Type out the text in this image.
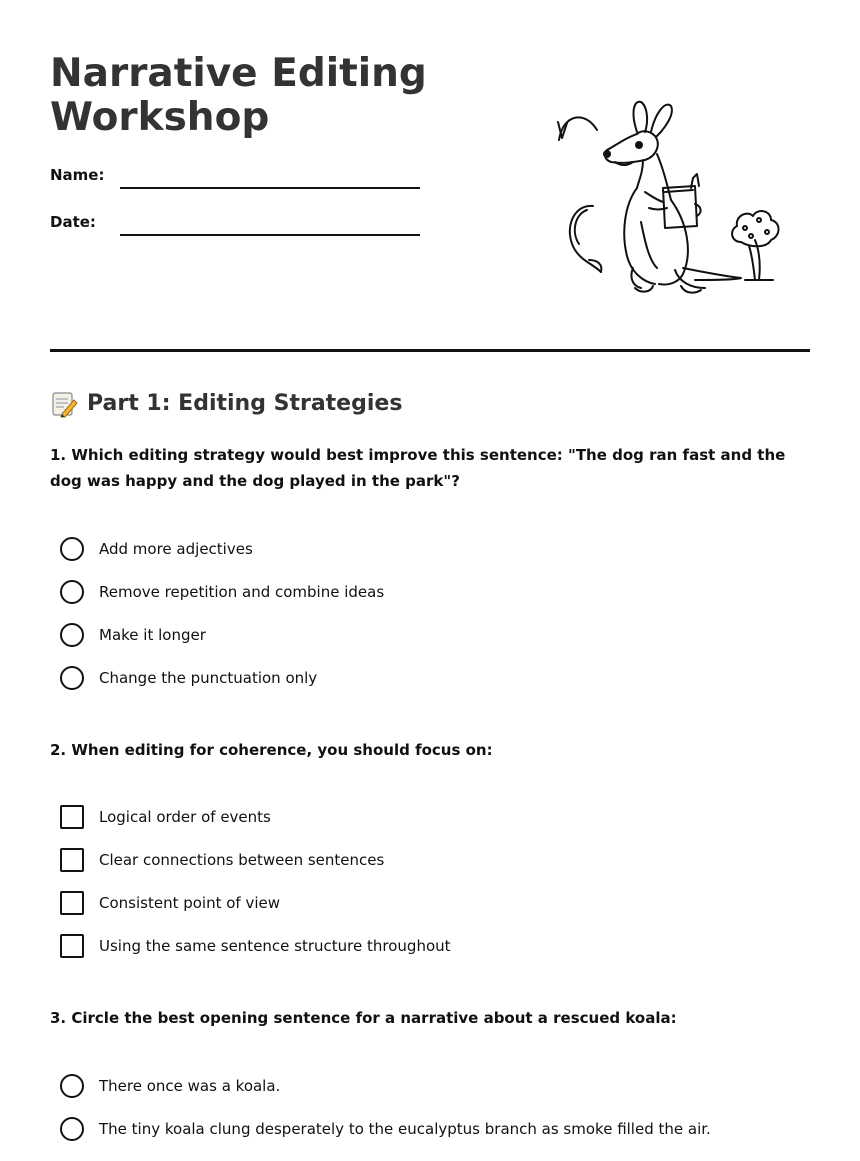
Narrative Editing Workshop
Name:
Date:
Part 1: Editing Strategies
1. Which editing strategy would best improve this sentence: "The dog ran fast and the dog was happy and the dog played in the park"?
Add more adjectives
Remove repetition and combine ideas
Make it longer
Change the punctuation only
2. When editing for coherence, you should focus on:
Logical order of events
Clear connections between sentences
Consistent point of view
Using the same sentence structure throughout
3. Circle the best opening sentence for a narrative about a rescued koala:
There once was a koala.
The tiny koala clung desperately to the eucalyptus branch as smoke filled the air.
